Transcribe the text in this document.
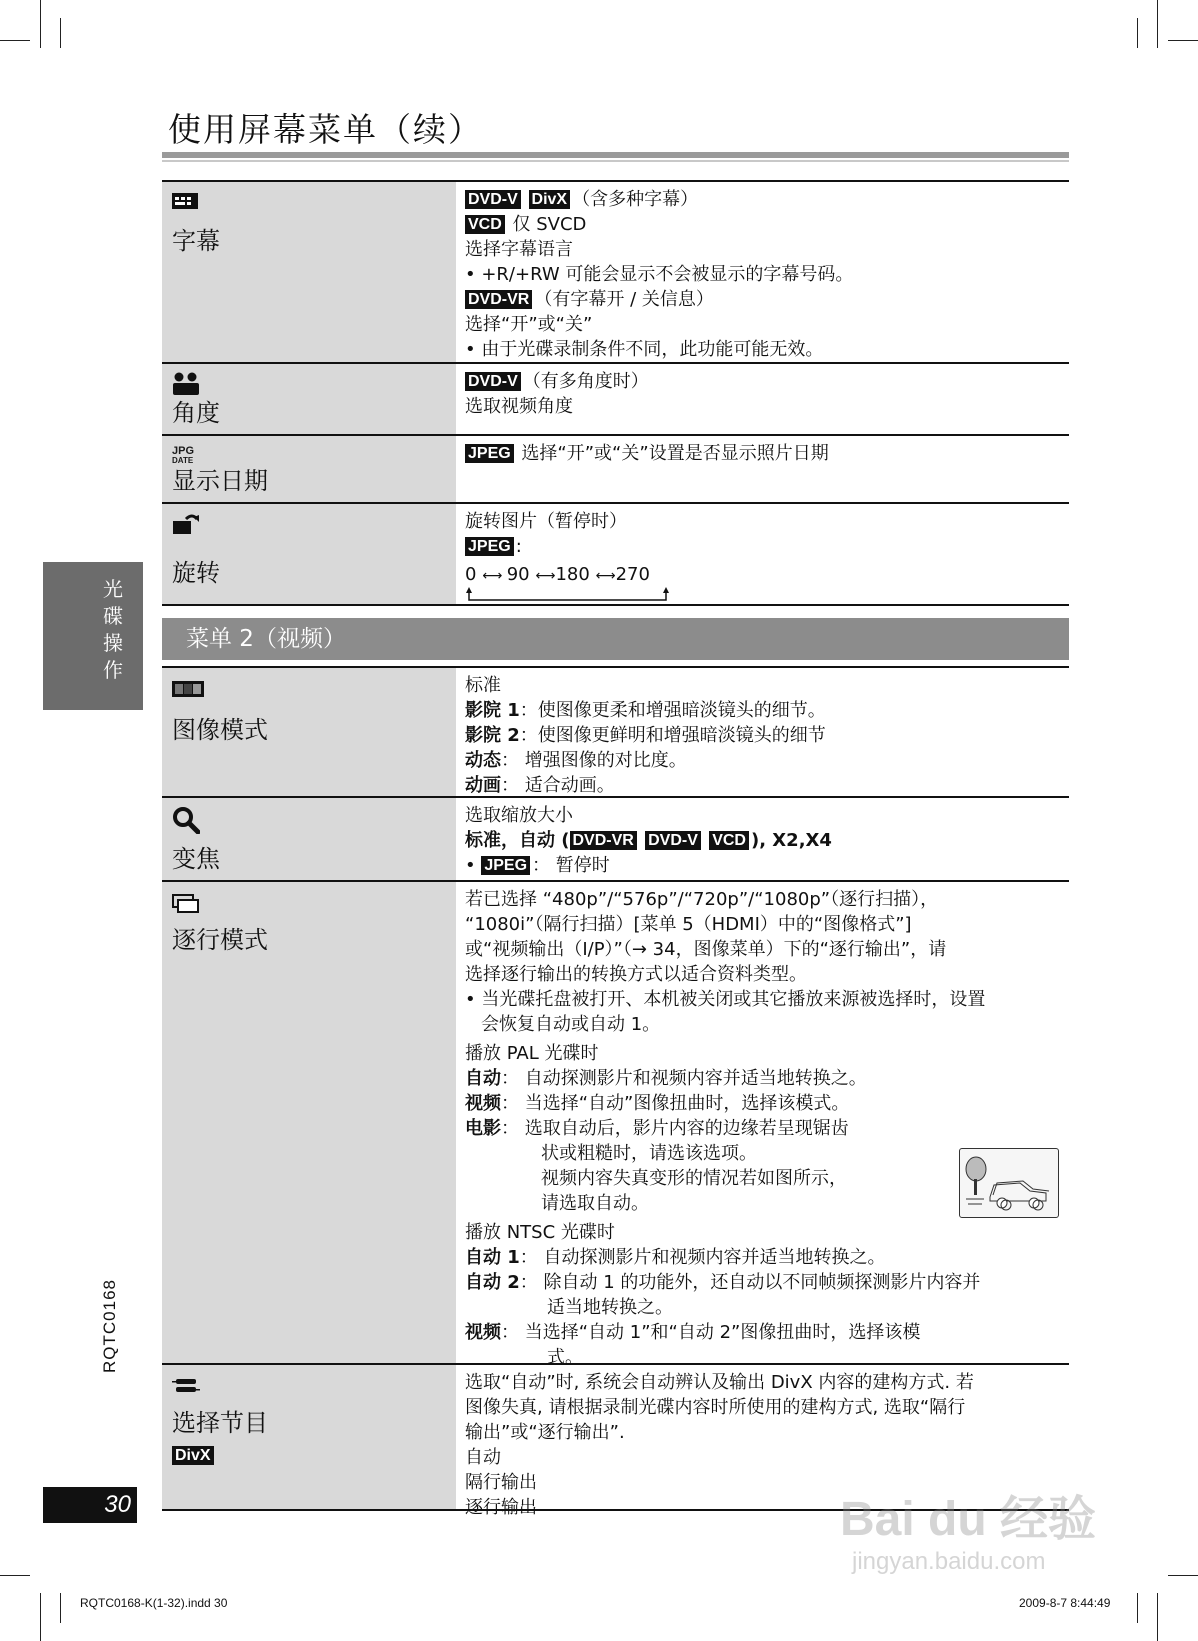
使用屏幕菜单（续）
字幕
DVD-V DivX （含多种字幕）
VCD 仅 SVCD
选择字幕语言
• +R/+RW 可能会显示不会被显示的字幕号码。
DVD-VR （有字幕开 / 关信息）
选择“开”或“关”
• 由于光碟录制条件不同，此功能可能无效。
角度
DVD-V （有多角度时）
选取视频角度
JPG
DATE
显示日期
JPEG 选择“开”或“关”设置是否显示照片日期
旋转
旋转图片（暂停时）
JPEG :
0 ⟷ 90 ⟷180 ⟷270
光
碟
操
作
菜单 2（视频）
图像模式
标准
影院 1：使图像更柔和增强暗淡镜头的细节。
影院 2：使图像更鲜明和增强暗淡镜头的细节
动态： 增强图像的对比度。
动画： 适合动画。
变焦
选取缩放大小
标准，自动 ( DVD-VR DVD-V VCD ), X2,X4
• JPEG ： 暂停时
逐行模式
若已选择 “480p”/“576p”/“720p”/“1080p”（逐行扫描），
“1080i”（隔行扫描）[菜单 5（HDMI）中的“图像格式”]
或“视频输出（I/P）”（→ 34，图像菜单）下的“逐行输出”，请
选择逐行输出的转换方式以适合资料类型。
• 当光碟托盘被打开、本机被关闭或其它播放来源被选择时，设置
会恢复自动或自动 1。
播放 PAL 光碟时
自动： 自动探测影片和视频内容并适当地转换之。
视频： 当选择“自动”图像扭曲时，选择该模式。
电影： 选取自动后，影片内容的边缘若呈现锯齿
状或粗糙时，请选该选项。
视频内容失真变形的情况若如图所示，
请选取自动。
播放 NTSC 光碟时
自动 1： 自动探测影片和视频内容并适当地转换之。
自动 2： 除自动 1 的功能外，还自动以不同帧频探测影片内容并
适当地转换之。
视频： 当选择“自动 1”和“自动 2”图像扭曲时，选择该模
式。
选择节目
DivX
选取“自动”时, 系统会自动辨认及输出 DivX 内容的建构方式. 若
图像失真, 请根据录制光碟内容时所使用的建构方式, 选取“隔行
输出”或“逐行输出”.
自动
隔行输出
逐行输出
RQTC0168
30	Bai du 经验
jingyan.baidu.com
RQTC0168-K(1-32).indd 30	2009-8-7 8:44:49
